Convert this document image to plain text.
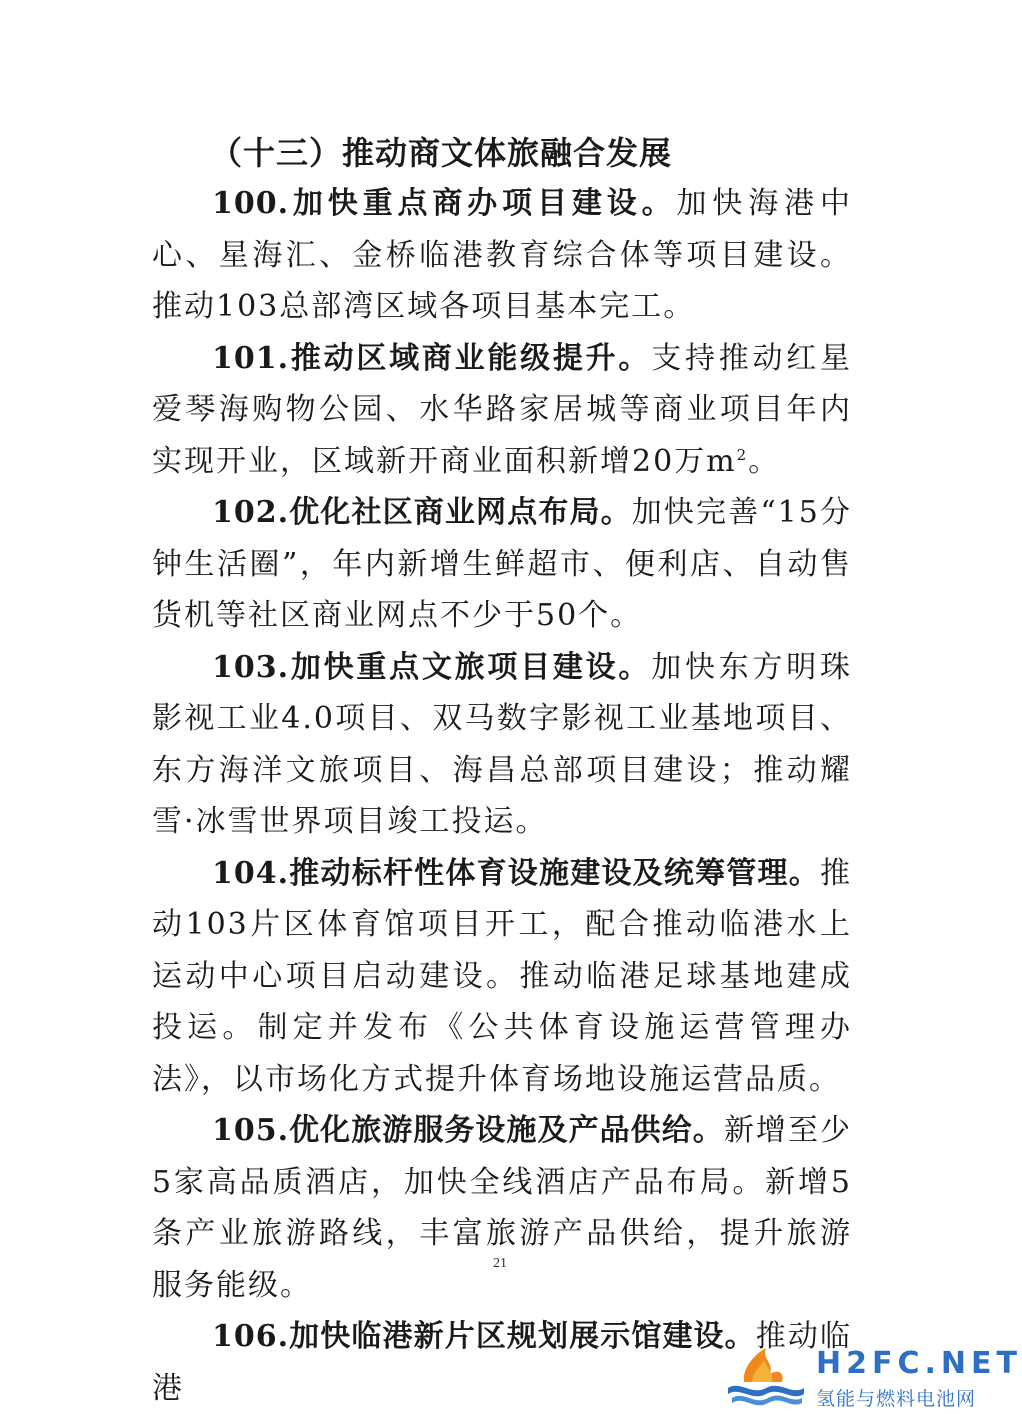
（十三）推动商文体旅融合发展

100.加快重点商办项目建设。加快海港中心、星海汇、金桥临港教育综合体等项目建设。推动103总部湾区域各项目基本完工。

101.推动区域商业能级提升。支持推动红星爱琴海购物公园、水华路家居城等商业项目年内实现开业，区域新开商业面积新增20万$m^2$。

102.优化社区商业网点布局。加快完善“15分钟生活圈”，年内新增生鲜超市、便利店、自动售货机等社区商业网点不少于50个。

103.加快重点文旅项目建设。加快东方明珠影视工业4.0项目、双马数字影视工业基地项目、东方海洋文旅项目、海昌总部项目建设；推动耀雪·冰雪世界项目竣工投运。

104.推动标杆性体育设施建设及统筹管理。推动103片区体育馆项目开工，配合推动临港水上运动中心项目启动建设。推动临港足球基地建成投运。制定并发布《公共体育设施运营管理办法》，以市场化方式提升体育场地设施运营品质。

105.优化旅游服务设施及产品供给。新增至少5家高品质酒店，加快全线酒店产品布局。新增5条产业旅游路线，丰富旅游产品供给，提升旅游服务能级。

106.加快临港新片区规划展示馆建设。推动临港

21
H2FC.NET
氢能与燃料电池网
